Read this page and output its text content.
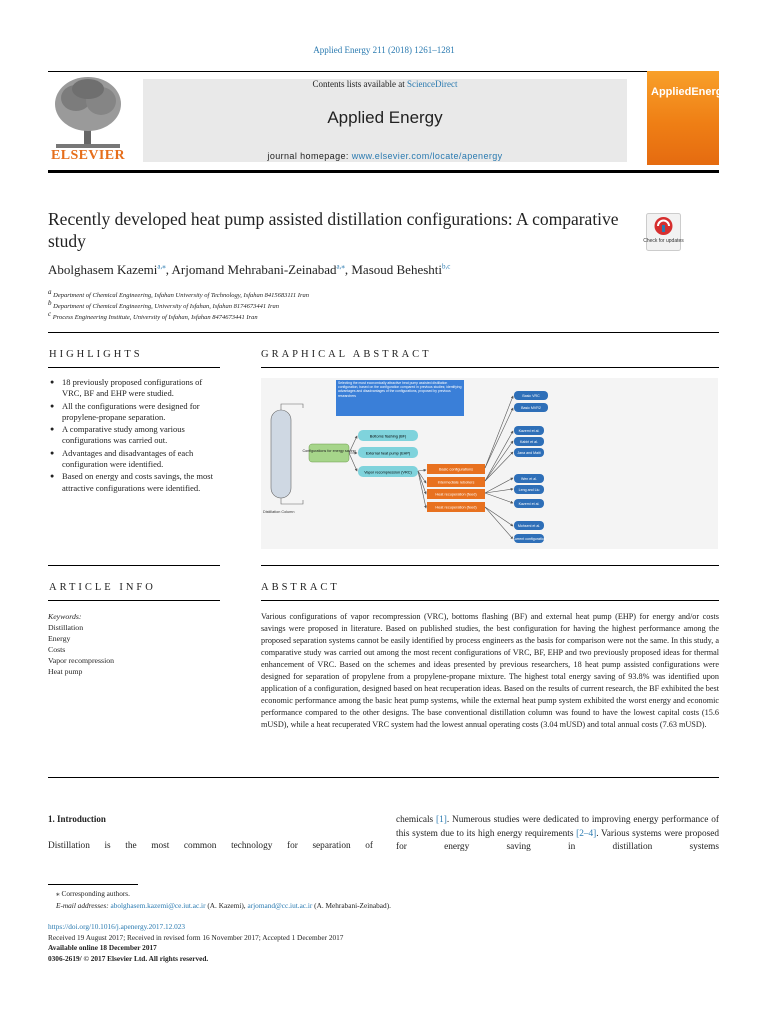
Applied Energy 211 (2018) 1261–1281
ELSEVIER
Contents lists available at ScienceDirect
Applied Energy
journal homepage: www.elsevier.com/locate/apenergy
AppliedEnergy
Recently developed heat pump assisted distillation configurations: A comparative study	Check for updates
Abolghasem Kazemi$^{a,⁎}$, Arjomand Mehrabani-Zeinabad$^{a,⁎}$, Masoud Beheshti$^{b,c}$
$^a$ Department of Chemical Engineering, Isfahan University of Technology, Isfahan 8415683111 Iran
$^b$ Department of Chemical Engineering, University of Isfahan, Isfahan 8174673441 Iran
$^c$ Process Engineering Institute, University of Isfahan, Isfahan 8474673441 Iran
HIGHLIGHTS	GRAPHICAL ABSTRACT
● 18 previously proposed configurations of VRC, BF and EHP were studied.
● All the configurations were designed for propylene-propane separation.
● A comparative study among various configurations was carried out.
● Advantages and disadvantages of each configuration were identified.
● Based on energy and costs savings, the most attractive configurations were identified.
Selecting the most economically attractive heat pump assisted distillation configuration, based on the configuration compared in previous studies; identifying advantages and disadvantages of the configurations, proposed by previous researchers
Distillation Column
Configurations for energy saving
Bottoms flashing (BF)
External heat pump (EHP)
Vapor recompression (VRC)
Basic configurations
Intermediate reboilers
Heat recuperation (feed)
Heat recuperation (feed)
Basic VRC
Basic MVR2
Kazemi et al.
Kabiri et al.
Jana and Maiti
Wen et al.
Leng and Liu
Kazemi et al.
Mohseni et al.
Current configuration
ARTICLE INFO	ABSTRACT
Keywords:
Distillation
Energy
Costs
Vapor recompression
Heat pump
Various configurations of vapor recompression (VRC), bottoms flashing (BF) and external heat pump (EHP) for energy and/or costs savings were proposed in literature. Based on published studies, the best configuration for having the highest performance among the proposed separation systems cannot be easily identified by process engineers as the basis for comparison were not the same. In this study, a comparative study was carried out among the most recent configurations of VRC, BF, EHP and two previously proposed ideas for thermal enhancement of VRC. Based on the schemes and ideas presented by previous researchers, 18 heat pump assisted configurations were designed for separation of propylene from a propylene-propane mixture. The highest total energy saving of 93.8% was identified upon application of a configuration, designed based on heat recuperation ideas. Based on the results of current research, the BF exhibited the best economic performance among the basic heat pump systems, while the external heat pump system exhibited the worst energy and economic performance compared to the other designs. The base conventional distillation column was found to have the lowest capital costs (15.6 mUSD), while a heat recuperated VRC system had the lowest annual operating costs (3.04 mUSD) and total annual costs (7.63 mUSD).
1. Introduction
Distillation is the most common technology for separation of
chemicals [1]. Numerous studies were dedicated to improving energy performance of this system due to its high energy requirements [2–4]. Various systems were proposed for energy saving in distillation systems
⁎ Corresponding authors.
E-mail addresses: abolghasem.kazemi@ce.iut.ac.ir (A. Kazemi), arjomand@cc.iut.ac.ir (A. Mehrabani-Zeinabad).
https://doi.org/10.1016/j.apenergy.2017.12.023
Received 19 August 2017; Received in revised form 16 November 2017; Accepted 1 December 2017
Available online 18 December 2017
0306-2619/ © 2017 Elsevier Ltd. All rights reserved.
